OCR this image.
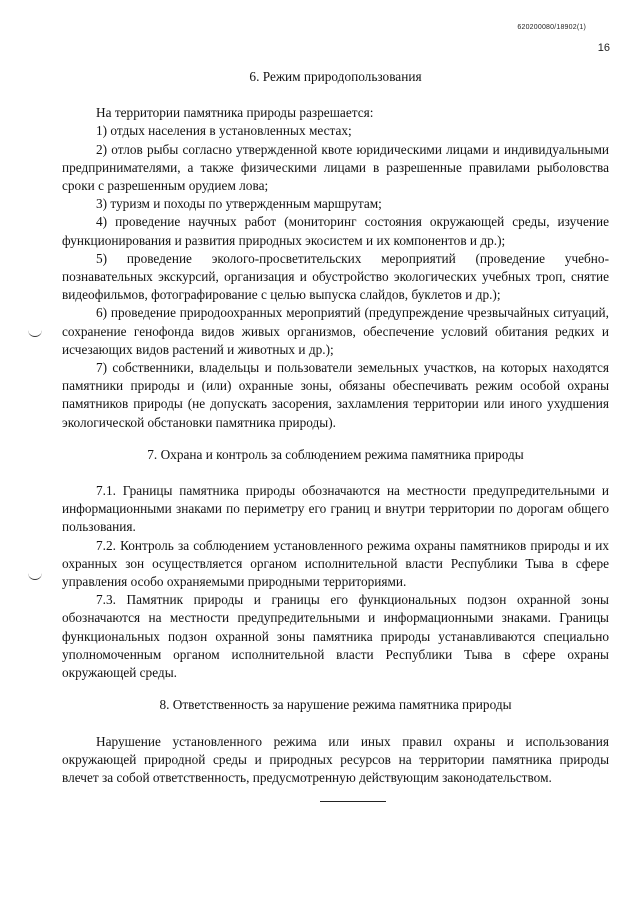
620200080/18902(1)
16
6. Режим природопользования

На территории памятника природы разрешается:

1) отдых населения в установленных местах;

2) отлов рыбы согласно утвержденной квоте юридическими лицами и индивидуальными предпринимателями, а также физическими лицами в разрешенные правилами рыболовства сроки с разрешенным орудием лова;

3) туризм и походы по утвержденным маршрутам;

4) проведение научных работ (мониторинг состояния окружающей среды, изучение функционирования и развития природных экосистем и их компонентов и др.);

5) проведение эколого-просветительских мероприятий (проведение учебно-познавательных экскурсий, организация и обустройство экологических учебных троп, снятие видеофильмов, фотографирование с целью выпуска слайдов, буклетов и др.);

6) проведение природоохранных мероприятий (предупреждение чрезвычайных ситуаций, сохранение генофонда видов живых организмов, обеспечение условий обитания редких и исчезающих видов растений и животных и др.);

7) собственники, владельцы и пользователи земельных участков, на которых находятся памятники природы и (или) охранные зоны, обязаны обеспечивать режим особой охраны памятников природы (не допускать засорения, захламления территории или иного ухудшения экологической обстановки памятника природы).

7. Охрана и контроль за соблюдением режима памятника природы

7.1. Границы памятника природы обозначаются на местности предупредительными и информационными знаками по периметру его границ и внутри территории по дорогам общего пользования.

7.2. Контроль за соблюдением установленного режима охраны памятников природы и их охранных зон осуществляется органом исполнительной власти Республики Тыва в сфере управления особо охраняемыми природными территориями.

7.3. Памятник природы и границы его функциональных подзон охранной зоны обозначаются на местности предупредительными и информационными знаками. Границы функциональных подзон охранной зоны памятника природы устанавливаются специально уполномоченным органом исполнительной власти Республики Тыва в сфере охраны окружающей среды.

8. Ответственность за нарушение режима памятника природы

Нарушение установленного режима или иных правил охраны и использования окружающей природной среды и природных ресурсов на территории памятника природы влечет за собой ответственность, предусмотренную действующим законодательством.
